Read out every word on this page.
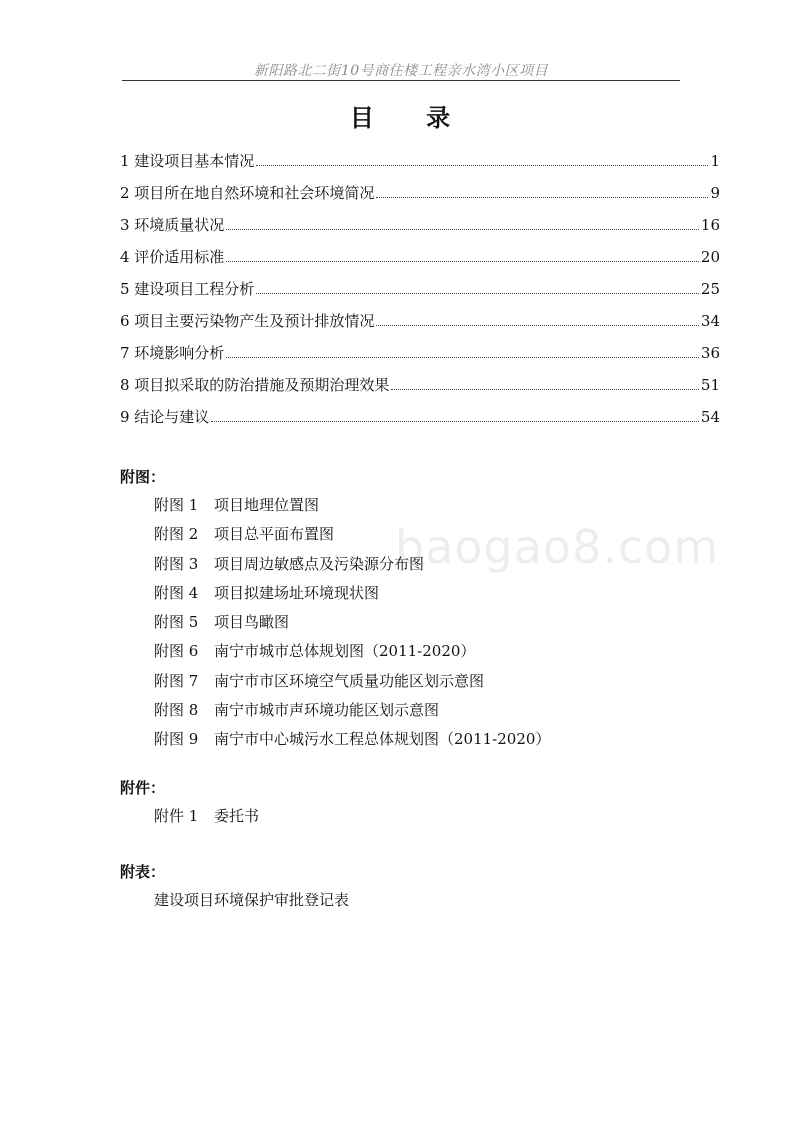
新阳路北二街10号商住楼工程亲水湾小区项目
目 录
1 建设项目基本情况	1
2 项目所在地自然环境和社会环境简况	9
3 环境质量状况	16
4 评价适用标准	20
5 建设项目工程分析	25
6 项目主要污染物产生及预计排放情况	34
7 环境影响分析	36
8 项目拟采取的防治措施及预期治理效果	51
9 结论与建议	54
附图：
附图 1	项目地理位置图
附图 2	项目总平面布置图
附图 3	项目周边敏感点及污染源分布图
附图 4	项目拟建场址环境现状图
附图 5	项目鸟瞰图
附图 6	南宁市城市总体规划图（2011-2020）
附图 7	南宁市市区环境空气质量功能区划示意图
附图 8	南宁市城市声环境功能区划示意图
附图 9	南宁市中心城污水工程总体规划图（2011-2020）
附件：
附件 1	委托书
附表：
建设项目环境保护审批登记表
baogao8.com
